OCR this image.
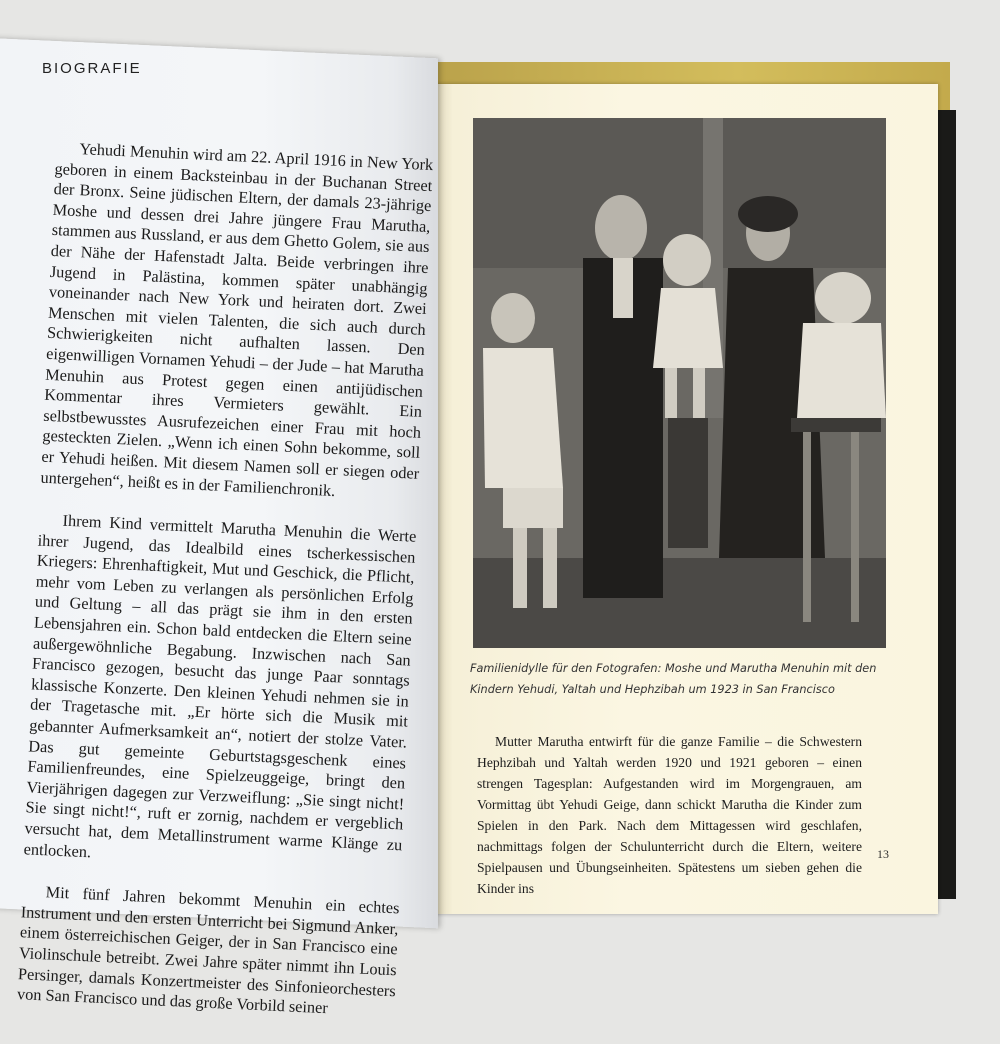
BIOGRAFIE

Yehudi Menuhin wird am 22. April 1916 in New York geboren in einem Backsteinbau in der Buchanan Street der Bronx. Seine jüdischen Eltern, der damals 23-jährige Moshe und dessen drei Jahre jüngere Frau Marutha, stammen aus Russland, er aus dem Ghetto Golem, sie aus der Nähe der Hafenstadt Jalta. Beide verbringen ihre Jugend in Palästina, kommen später unabhängig voneinander nach New York und heiraten dort. Zwei Menschen mit vielen Talenten, die sich auch durch Schwierigkeiten nicht aufhalten lassen. Den eigenwilligen Vornamen Yehudi – der Jude – hat Marutha Menuhin aus Protest gegen einen antijüdischen Kommentar ihres Vermieters gewählt. Ein selbstbewusstes Ausrufezeichen einer Frau mit hoch gesteckten Zielen. „Wenn ich einen Sohn bekomme, soll er Yehudi heißen. Mit diesem Namen soll er siegen oder untergehen“, heißt es in der Familienchronik.

Ihrem Kind vermittelt Marutha Menuhin die Werte ihrer Jugend, das Idealbild eines tscherkessischen Kriegers: Ehrenhaftigkeit, Mut und Geschick, die Pflicht, mehr vom Leben zu verlangen als persönlichen Erfolg und Geltung – all das prägt sie ihm in den ersten Lebensjahren ein. Schon bald entdecken die Eltern seine außergewöhnliche Begabung. Inzwischen nach San Francisco gezogen, besucht das junge Paar sonntags klassische Konzerte. Den kleinen Yehudi nehmen sie in der Tragetasche mit. „Er hörte sich die Musik mit gebannter Aufmerksamkeit an“, notiert der stolze Vater. Das gut gemeinte Geburtstagsgeschenk eines Familienfreundes, eine Spielzeuggeige, bringt den Vierjährigen dagegen zur Verzweiflung: „Sie singt nicht! Sie singt nicht!“, ruft er zornig, nachdem er vergeblich versucht hat, dem Metallinstrument warme Klänge zu entlocken.

Mit fünf Jahren bekommt Menuhin ein echtes Instrument und den ersten Unterricht bei Sigmund Anker, einem österreichischen Geiger, der in San Francisco eine Violinschule betreibt. Zwei Jahre später nimmt ihn Louis Persinger, damals Konzertmeister des Sinfonieorchesters von San Francisco und das große Vorbild seiner

Familienidylle für den Fotografen: Moshe und Marutha Menuhin mit den Kindern Yehudi, Yaltah und Hephzibah um 1923 in San Francisco
Mutter Marutha entwirft für die ganze Familie – die Schwestern Hephzibah und Yaltah werden 1920 und 1921 geboren – einen strengen Tagesplan: Aufgestanden wird im Morgengrauen, am Vormittag übt Yehudi Geige, dann schickt Marutha die Kinder zum Spielen in den Park. Nach dem Mittagessen wird geschlafen, nachmittags folgen der Schulunterricht durch die Eltern, weitere Spielpausen und Übungseinheiten. Spätestens um sieben gehen die Kinder ins
13
